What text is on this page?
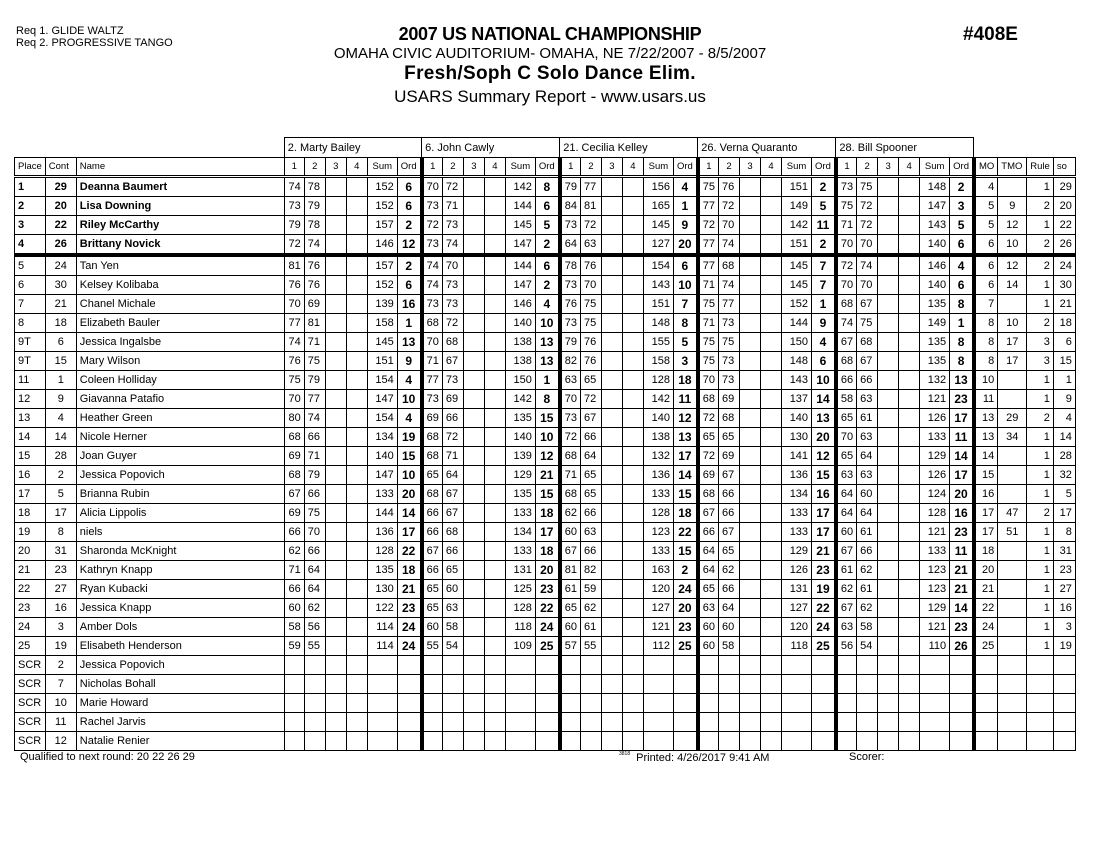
Req 1. GLIDE WALTZ
Req 2. PROGRESSIVE TANGO	2007 US NATIONAL CHAMPIONSHIP
OMAHA CIVIC AUDITORIUM- OMAHA, NE 7/22/2007 - 8/5/2007
Fresh/Soph C Solo Dance Elim.
USARS Summary Report - www.usars.us
#408E
			2. Marty Bailey						6. John Cawly						21. Cecilia Kelley						26. Verna Quaranto						28. Bill Spooner									
Place	Cont	Name	1	2	3	4	Sum	Ord	1	2	3	4	Sum	Ord	1	2	3	4	Sum	Ord	1	2	3	4	Sum	Ord	1	2	3	4	Sum	Ord	MO	TMO	Rule	so
1	29	Deanna Baumert	74	78			152	6	70	72			142	8	79	77			156	4	75	76			151	2	73	75			148	2	4		1	29
2	20	Lisa Downing	73	79			152	6	73	71			144	6	84	81			165	1	77	72			149	5	75	72			147	3	5	9	2	20
3	22	Riley McCarthy	79	78			157	2	72	73			145	5	73	72			145	9	72	70			142	11	71	72			143	5	5	12	1	22
4	26	Brittany Novick	72	74			146	12	73	74			147	2	64	63			127	20	77	74			151	2	70	70			140	6	6	10	2	26
5	24	Tan Yen	81	76			157	2	74	70			144	6	78	76			154	6	77	68			145	7	72	74			146	4	6	12	2	24
6	30	Kelsey Kolibaba	76	76			152	6	74	73			147	2	73	70			143	10	71	74			145	7	70	70			140	6	6	14	1	30
7	21	Chanel Michale	70	69			139	16	73	73			146	4	76	75			151	7	75	77			152	1	68	67			135	8	7		1	21
8	18	Elizabeth Bauler	77	81			158	1	68	72			140	10	73	75			148	8	71	73			144	9	74	75			149	1	8	10	2	18
9T	6	Jessica Ingalsbe	74	71			145	13	70	68			138	13	79	76			155	5	75	75			150	4	67	68			135	8	8	17	3	6
9T	15	Mary Wilson	76	75			151	9	71	67			138	13	82	76			158	3	75	73			148	6	68	67			135	8	8	17	3	15
11	1	Coleen Holliday	75	79			154	4	77	73			150	1	63	65			128	18	70	73			143	10	66	66			132	13	10		1	1
12	9	Giavanna Patafio	70	77			147	10	73	69			142	8	70	72			142	11	68	69			137	14	58	63			121	23	11		1	9
13	4	Heather Green	80	74			154	4	69	66			135	15	73	67			140	12	72	68			140	13	65	61			126	17	13	29	2	4
14	14	Nicole Herner	68	66			134	19	68	72			140	10	72	66			138	13	65	65			130	20	70	63			133	11	13	34	1	14
15	28	Joan Guyer	69	71			140	15	68	71			139	12	68	64			132	17	72	69			141	12	65	64			129	14	14		1	28
16	2	Jessica Popovich	68	79			147	10	65	64			129	21	71	65			136	14	69	67			136	15	63	63			126	17	15		1	32
17	5	Brianna Rubin	67	66			133	20	68	67			135	15	68	65			133	15	68	66			134	16	64	60			124	20	16		1	5
18	17	Alicia Lippolis	69	75			144	14	66	67			133	18	62	66			128	18	67	66			133	17	64	64			128	16	17	47	2	17
19	8	niels	66	70			136	17	66	68			134	17	60	63			123	22	66	67			133	17	60	61			121	23	17	51	1	8
20	31	Sharonda McKnight	62	66			128	22	67	66			133	18	67	66			133	15	64	65			129	21	67	66			133	11	18		1	31
21	23	Kathryn Knapp	71	64			135	18	66	65			131	20	81	82			163	2	64	62			126	23	61	62			123	21	20		1	23
22	27	Ryan Kubacki	66	64			130	21	65	60			125	23	61	59			120	24	65	66			131	19	62	61			123	21	21		1	27
23	16	Jessica Knapp	60	62			122	23	65	63			128	22	65	62			127	20	63	64			127	22	67	62			129	14	22		1	16
24	3	Amber Dols	58	56			114	24	60	58			118	24	60	61			121	23	60	60			120	24	63	58			121	23	24		1	3
25	19	Elisabeth Henderson	59	55			114	24	55	54			109	25	57	55			112	25	60	58			118	25	56	54			110	26	25		1	19
SCR	2	Jessica Popovich																																		
SCR	7	Nicholas Bohall																																		
SCR	10	Marie Howard																																		
SCR	11	Rachel Jarvis																																		
SCR	12	Natalie Renier																																		
Qualified to next round: 20 22 26 29	$^{3818}$ Printed: 4/26/2017 9:41 AM	Scorer:
